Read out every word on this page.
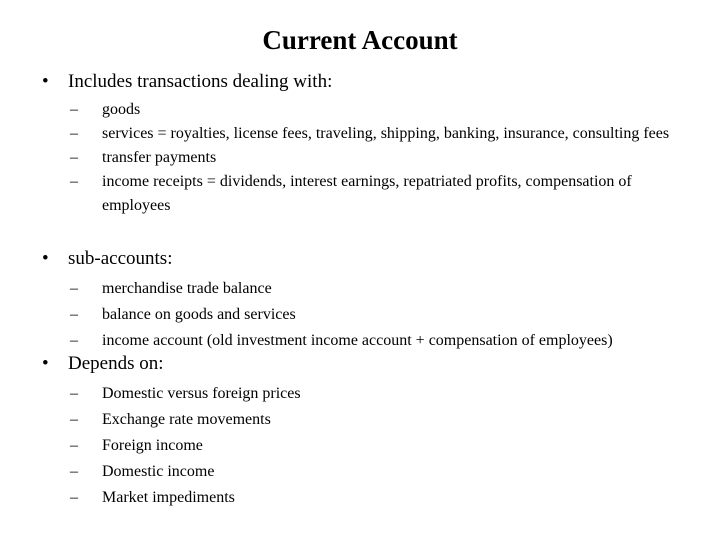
Current Account
• Includes transactions dealing with:
– goods
– services = royalties, license fees, traveling, shipping, banking, insurance, consulting fees
– transfer payments
– income receipts = dividends, interest earnings, repatriated profits, compensation of employees
• sub-accounts:
– merchandise trade balance
– balance on goods and services
– income account (old investment income account + compensation of employees)
• Depends on:
– Domestic versus foreign prices
– Exchange rate movements
– Foreign income
– Domestic income
– Market impediments
